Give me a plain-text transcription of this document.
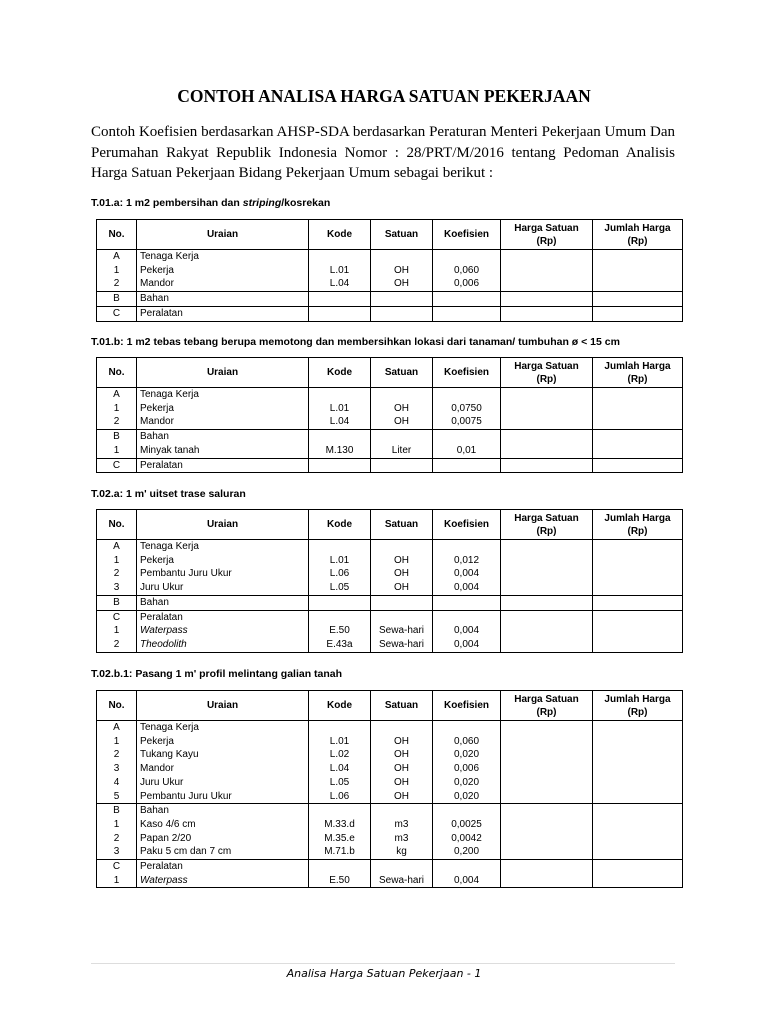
CONTOH ANALISA HARGA SATUAN PEKERJAAN

Contoh Koefisien berdasarkan AHSP-SDA berdasarkan Peraturan Menteri Pekerjaan Umum Dan Perumahan Rakyat Republik Indonesia Nomor : 28/PRT/M/2016 tentang Pedoman Analisis Harga Satuan Pekerjaan Bidang Pekerjaan Umum sebagai berikut :

T.01.a: 1 m2 pembersihan dan striping/kosrekan
No.	Uraian	Kode	Satuan	Koefisien	Harga Satuan (Rp)	Jumlah Harga (Rp)
A	Tenaga Kerja					
1	Pekerja	L.01	OH	0,060		
2	Mandor	L.04	OH	0,006		
B	Bahan					
C	Peralatan					
T.01.b: 1 m2 tebas tebang berupa memotong dan membersihkan lokasi dari tanaman/ tumbuhan ø < 15 cm
No.	Uraian	Kode	Satuan	Koefisien	Harga Satuan (Rp)	Jumlah Harga (Rp)
A	Tenaga Kerja					
1	Pekerja	L.01	OH	0,0750		
2	Mandor	L.04	OH	0,0075		
B	Bahan					
1	Minyak tanah	M.130	Liter	0,01		
C	Peralatan					
T.02.a: 1 m' uitset trase saluran
No.	Uraian	Kode	Satuan	Koefisien	Harga Satuan (Rp)	Jumlah Harga (Rp)
A	Tenaga Kerja					
1	Pekerja	L.01	OH	0,012		
2	Pembantu Juru Ukur	L.06	OH	0,004		
3	Juru Ukur	L.05	OH	0,004		
B	Bahan					
C	Peralatan					
1	Waterpass	E.50	Sewa-hari	0,004		
2	Theodolith	E.43a	Sewa-hari	0,004		
T.02.b.1: Pasang 1 m' profil melintang galian tanah
No.	Uraian	Kode	Satuan	Koefisien	Harga Satuan (Rp)	Jumlah Harga (Rp)
A	Tenaga Kerja					
1	Pekerja	L.01	OH	0,060		
2	Tukang Kayu	L.02	OH	0,020		
3	Mandor	L.04	OH	0,006		
4	Juru Ukur	L.05	OH	0,020		
5	Pembantu Juru Ukur	L.06	OH	0,020		
B	Bahan					
1	Kaso 4/6 cm	M.33.d	m3	0,0025		
2	Papan 2/20	M.35.e	m3	0,0042		
3	Paku 5 cm dan 7 cm	M.71.b	kg	0,200		
C	Peralatan					
1	Waterpass	E.50	Sewa-hari	0,004		
Analisa Harga Satuan Pekerjaan - 1
